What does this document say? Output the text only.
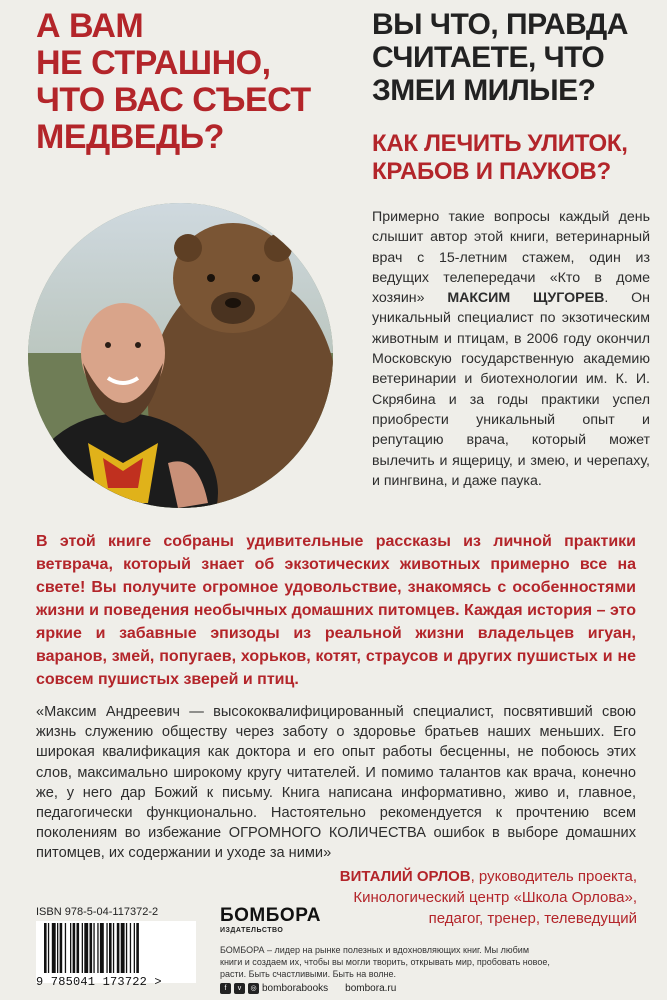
А ВАМ
НЕ СТРАШНО,
ЧТО ВАС СЪЕСТ
МЕДВЕДЬ?
ВЫ ЧТО, ПРАВДА
СЧИТАЕТЕ, ЧТО
ЗМЕИ МИЛЫЕ?
КАК ЛЕЧИТЬ УЛИТОК,
КРАБОВ И ПАУКОВ?
Примерно такие вопросы каждый день слышит автор этой книги, ветеринарный врач с 15-летним стажем, один из ведущих телепередачи «Кто в доме хозяин» МАКСИМ ЩУГОРЕВ. Он уникальный специалист по экзотическим животным и птицам, в 2006 году окончил Московскую государственную академию ветеринарии и биотехнологии им. К. И. Скрябина и за годы практики успел приобрести уникальный опыт и репутацию врача, который может вылечить и ящерицу, и змею, и черепаху, и пингвина, и даже паука.
В этой книге собраны удивительные рассказы из личной практики ветврача, который знает об экзотических животных примерно все на свете! Вы получите огромное удовольствие, знакомясь с особенностями жизни и поведения необычных домашних питомцев. Каждая история – это яркие и забавные эпизоды из реальной жизни владельцев игуан, варанов, змей, попугаев, хорьков, котят, страусов и других пушистых и не совсем пушистых зверей и птиц.
«Максим Андреевич — высококвалифицированный специалист, посвятивший свою жизнь служению обществу через заботу о здоровье братьев наших меньших. Его широкая квалификация как доктора и его опыт работы бесценны, не побоюсь этих слов, максимально широкому кругу читателей. И помимо талантов как врача, конечно же, у него дар Божий к письму. Книга написана информативно, живо и, главное, педагогически функционально. Настоятельно рекомендуется к прочтению всем поколениям во избежание ОГРОМНОГО КОЛИЧЕСТВА ошибок в выборе домашних питомцев, их содержании и уходе за ними»
ВИТАЛИЙ ОРЛОВ, руководитель проекта,
Кинологический центр «Школа Орлова»,
педагог, тренер, телеведущий
ISBN 978-5-04-117372-2
9 785041 173722 >
БОМБОРА
ИЗДАТЕЛЬСТВО
БОМБОРА – лидер на рынке полезных и вдохновляющих книг. Мы любим книги и создаем их, чтобы вы могли творить, открывать мир, пробовать новое, расти. Быть счастливыми. Быть на волне.
f	v	◎ bomborabooks bombora.ru
